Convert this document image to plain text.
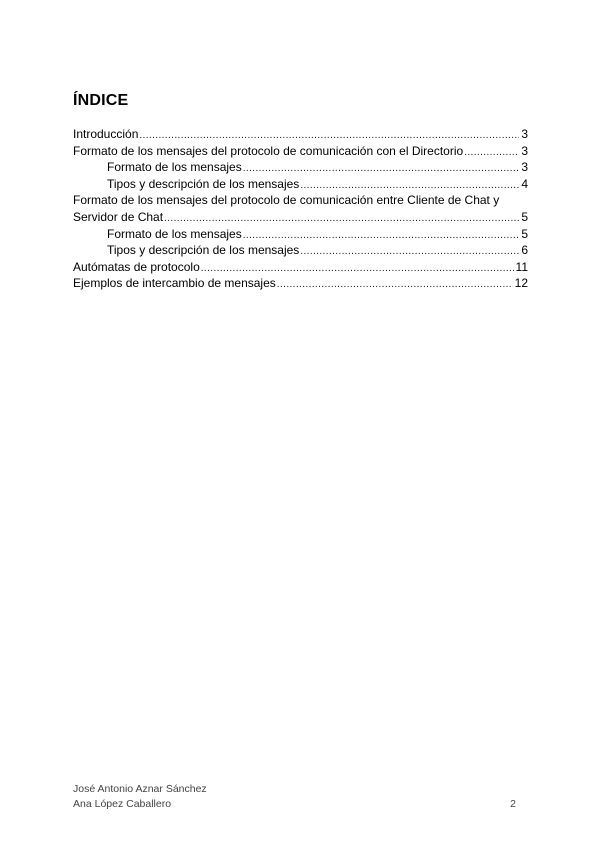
ÍNDICE
Introducción .....	3
Formato de los mensajes del protocolo de comunicación con el Directorio .....	3
Formato de los mensajes .....	3
Tipos y descripción de los mensajes .....	4
Formato de los mensajes del protocolo de comunicación entre Cliente de Chat y
Servidor de Chat .....	5
Formato de los mensajes .....	5
Tipos y descripción de los mensajes .....	6
Autómatas de protocolo .....	11
Ejemplos de intercambio de mensajes .....	12
José Antonio Aznar Sánchez
Ana López Caballero	2
